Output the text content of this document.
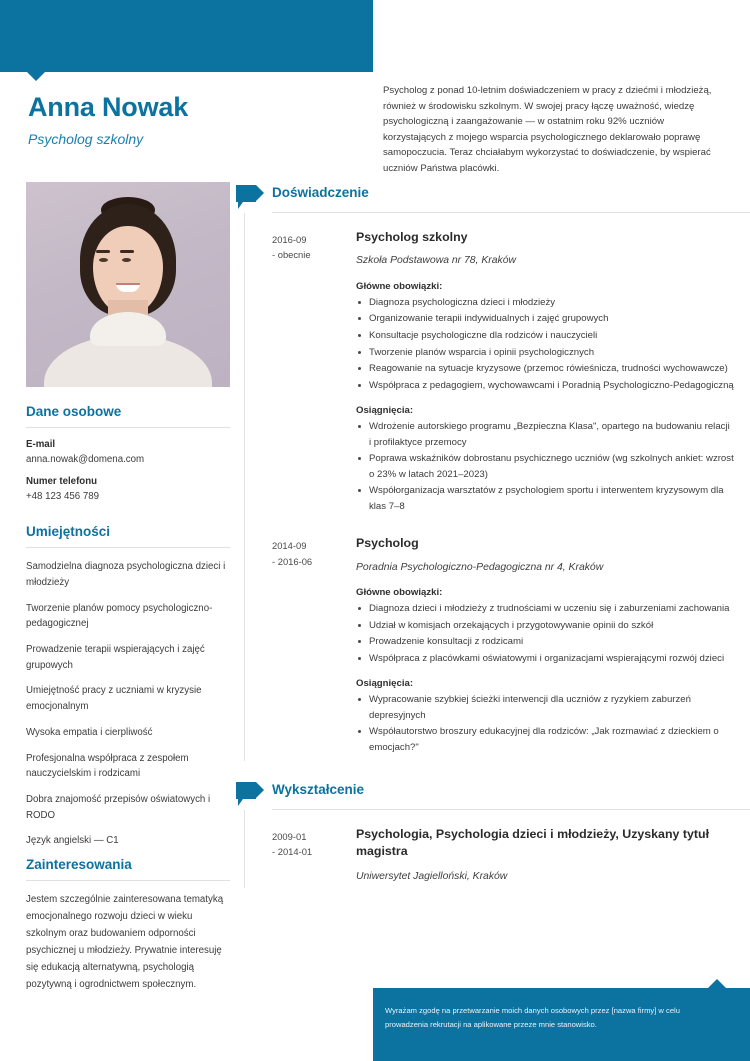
Anna Nowak
Psycholog szkolny
Psycholog z ponad 10-letnim doświadczeniem w pracy z dziećmi i młodzieżą, również w środowisku szkolnym. W swojej pracy łączę uważność, wiedzę psychologiczną i zaangażowanie — w ostatnim roku 92% uczniów korzystających z mojego wsparcia psychologicznego deklarowało poprawę samopoczucia. Teraz chciałabym wykorzystać to doświadczenie, by wspierać uczniów Państwa placówki.
Dane osobowe
E-mail
anna.nowak@domena.com
Numer telefonu
+48 123 456 789
Umiejętności
Samodzielna diagnoza psychologiczna dzieci i młodzieży
Tworzenie planów pomocy psychologiczno-pedagogicznej
Prowadzenie terapii wspierających i zajęć grupowych
Umiejętność pracy z uczniami w kryzysie emocjonalnym
Wysoka empatia i cierpliwość
Profesjonalna współpraca z zespołem nauczycielskim i rodzicami
Dobra znajomość przepisów oświatowych i RODO
Język angielski — C1
Zainteresowania
Jestem szczególnie zainteresowana tematyką emocjonalnego rozwoju dzieci w wieku szkolnym oraz budowaniem odporności psychicznej u młodzieży. Prywatnie interesuję się edukacją alternatywną, psychologią pozytywną i ogrodnictwem społecznym.
Doświadczenie
2016-09
- obecnie
Psycholog szkolny
Szkoła Podstawowa nr 78, Kraków
Główne obowiązki:
Diagnoza psychologiczna dzieci i młodzieży
Organizowanie terapii indywidualnych i zajęć grupowych
Konsultacje psychologiczne dla rodziców i nauczycieli
Tworzenie planów wsparcia i opinii psychologicznych
Reagowanie na sytuacje kryzysowe (przemoc rówieśnicza, trudności wychowawcze)
Współpraca z pedagogiem, wychowawcami i Poradnią Psychologiczno-Pedagogiczną
Osiągnięcia:
Wdrożenie autorskiego programu „Bezpieczna Klasa", opartego na budowaniu relacji i profilaktyce przemocy
Poprawa wskaźników dobrostanu psychicznego uczniów (wg szkolnych ankiet: wzrost o 23% w latach 2021–2023)
Współorganizacja warsztatów z psychologiem sportu i interwentem kryzysowym dla klas 7–8
2014-09
- 2016-06
Psycholog
Poradnia Psychologiczno-Pedagogiczna nr 4, Kraków
Główne obowiązki:
Diagnoza dzieci i młodzieży z trudnościami w uczeniu się i zaburzeniami zachowania
Udział w komisjach orzekających i przygotowywanie opinii do szkół
Prowadzenie konsultacji z rodzicami
Współpraca z placówkami oświatowymi i organizacjami wspierającymi rozwój dzieci
Osiągnięcia:
Wypracowanie szybkiej ścieżki interwencji dla uczniów z ryzykiem zaburzeń depresyjnych
Współautorstwo broszury edukacyjnej dla rodziców: „Jak rozmawiać z dzieckiem o emocjach?"
Wykształcenie
2009-01
- 2014-01
Psychologia, Psychologia dzieci i młodzieży, Uzyskany tytuł magistra
Uniwersytet Jagielloński, Kraków
Wyrażam zgodę na przetwarzanie moich danych osobowych przez [nazwa firmy] w celu prowadzenia rekrutacji na aplikowane przeze mnie stanowisko.
